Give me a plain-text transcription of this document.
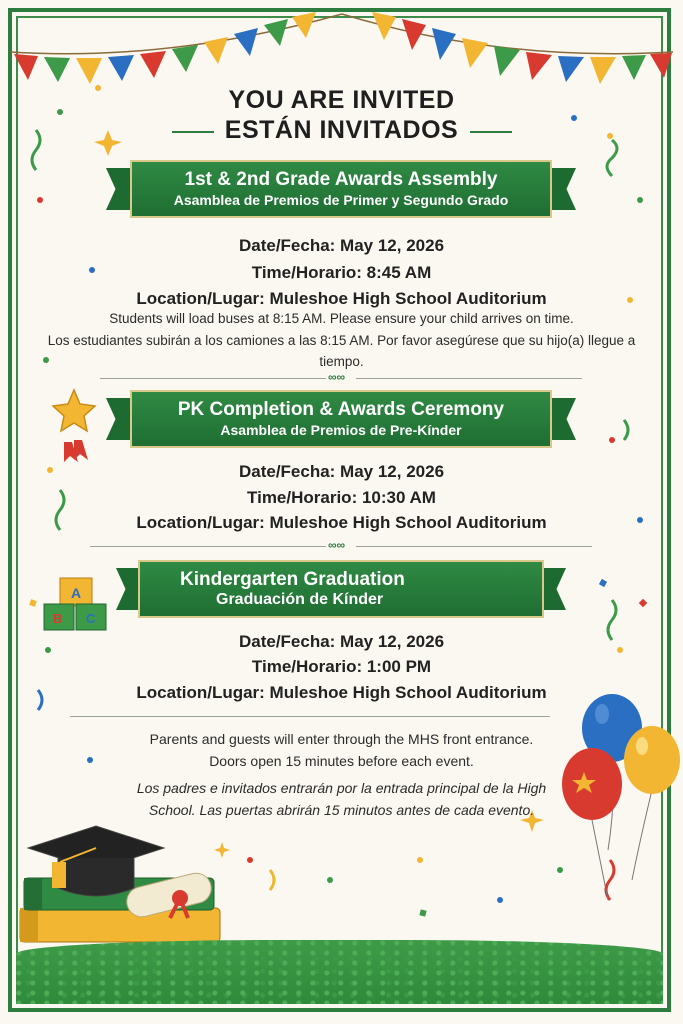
A
B C
YOU ARE INVITED
ESTÁN INVITADOS
1st & 2nd Grade Awards Assembly
Asamblea de Premios de Primer y Segundo Grado
Date/Fecha: May 12, 2026
Time/Horario: 8:45 AM
Location/Lugar: Muleshoe High School Auditorium
Students will load buses at 8:15 AM. Please ensure your child arrives on time.
Los estudiantes subirán a los camiones a las 8:15 AM. Por favor asegúrese que su hijo(a) llegue a tiempo.
∞∞
PK Completion & Awards Ceremony
Asamblea de Premios de Pre-Kínder
Date/Fecha: May 12, 2026
Time/Horario: 10:30 AM
Location/Lugar: Muleshoe High School Auditorium
∞∞
Kindergarten Graduation
Graduación de Kínder
Date/Fecha: May 12, 2026
Time/Horario: 1:00 PM
Location/Lugar: Muleshoe High School Auditorium
Parents and guests will enter through the MHS front entrance.
Doors open 15 minutes before each event.
Los padres e invitados entrarán por la entrada principal de la High
School. Las puertas abrirán 15 minutos antes de cada evento.
